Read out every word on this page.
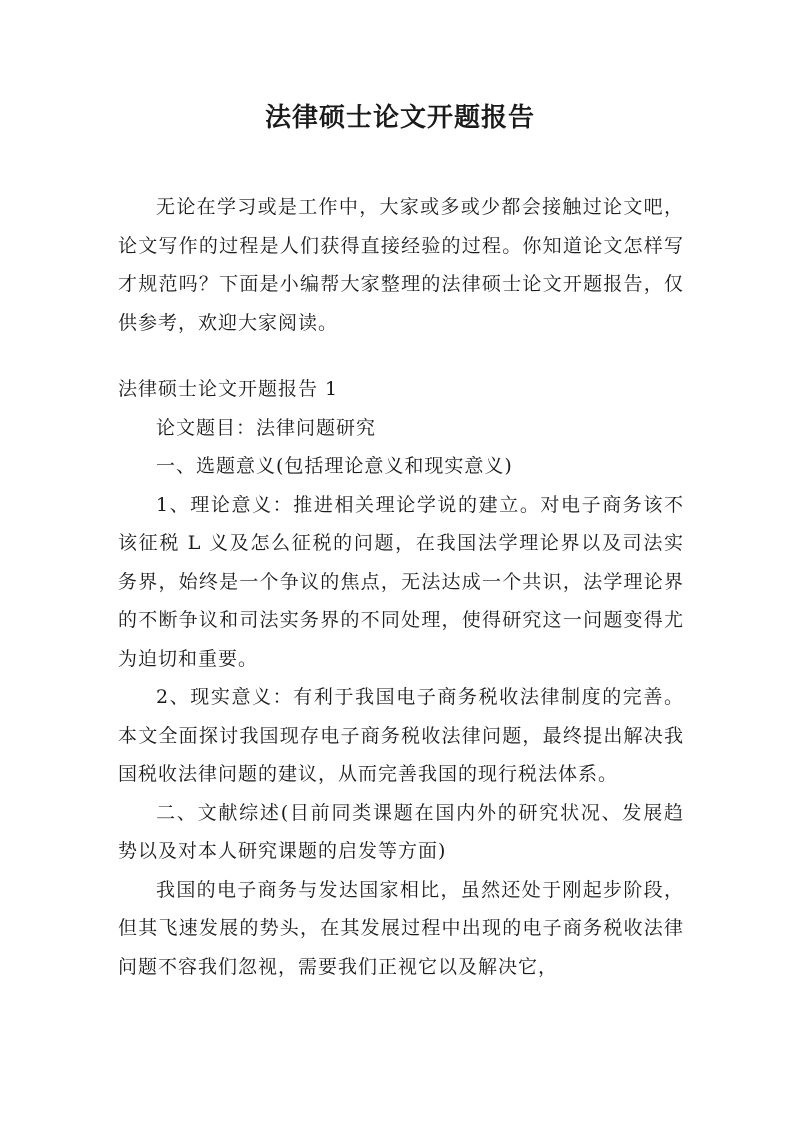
法律硕士论文开题报告

无论在学习或是工作中，大家或多或少都会接触过论文吧，论文写作的过程是人们获得直接经验的过程。你知道论文怎样写才规范吗？下面是小编帮大家整理的法律硕士论文开题报告，仅供参考，欢迎大家阅读。

法律硕士论文开题报告 1

论文题目：法律问题研究

一、选题意义(包括理论意义和现实意义)

1、理论意义：推进相关理论学说的建立。对电子商务该不该征税 L 义及怎么征税的问题，在我国法学理论界以及司法实务界，始终是一个争议的焦点，无法达成一个共识，法学理论界的不断争议和司法实务界的不同处理，使得研究这一问题变得尤为迫切和重要。

2、现实意义：有利于我国电子商务税收法律制度的完善。本文全面探讨我国现存电子商务税收法律问题，最终提出解决我国税收法律问题的建议，从而完善我国的现行税法体系。

二、文献综述(目前同类课题在国内外的研究状况、发展趋势以及对本人研究课题的启发等方面)

我国的电子商务与发达国家相比，虽然还处于刚起步阶段，但其飞速发展的势头，在其发展过程中出现的电子商务税收法律问题不容我们忽视，需要我们正视它以及解决它，
